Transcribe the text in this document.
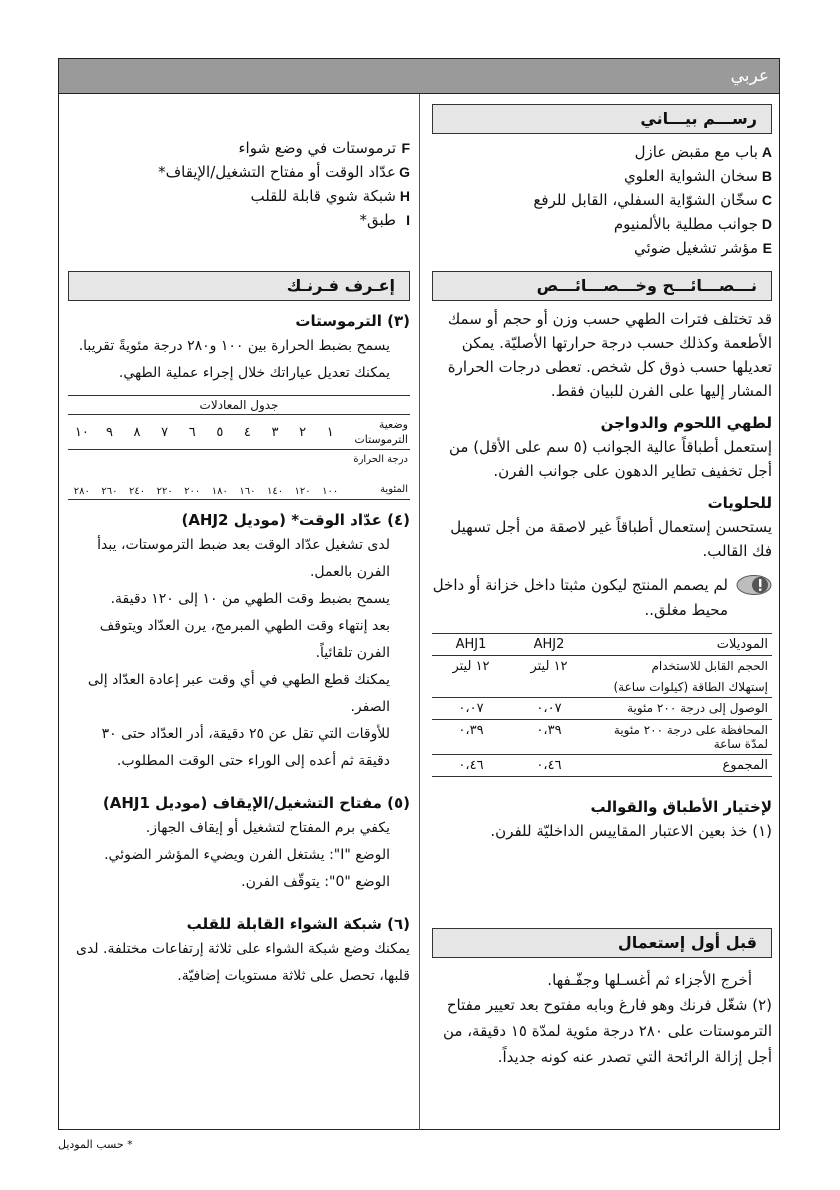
عربي
رســـم بيـــاني
A
باب مع مقبض عازل
B
سخان الشواية العلوي
C
سخّان الشوّاية السفلي، القابل للرفع
D
جوانب مطلية بالألمنيوم
E
مؤشر تشغيل ضوئي
F
ترموستات في وضع شواء
G
عدّاد الوقت أو مفتاح التشغيل/الإيقاف*
H
شبكة شوي قابلة للقلب
I
طبق*
نـــصـــائـــح وخـــصـــائـــص

قد تختلف فترات الطهي حسب وزن أو حجم أو سمك الأطعمة وكذلك حسب درجة حرارتها الأصليّة. يمكن تعديلها حسب ذوق كل شخص. تعطى درجات الحرارة المشار إليها على الفرن للبيان فقط.

لطهي اللحوم والدواجن

إستعمل أطباقاً عالية الجوانب (٥ سم على الأقل) من أجل تخفيف تطاير الدهون على جوانب الفرن.

للحلويات

يستحسن إستعمال أطباقاً غير لاصقة من أجل تسهيل فك القالب.

لم يصمم المنتج ليكون مثبتا داخل خزانة أو داخل محيط مغلق..
الموديلات	AHJ2	AHJ1
الحجم القابل للاستخدام	١٢ ليتر	١٢ ليتر
إستهلاك الطاقة (كيلوات ساعة)		
الوصول إلى درجة ٢٠٠ مئوية	٠،٠٧	٠،٠٧
المحافظة على درجة ٢٠٠ مئوية لمدّة ساعة	٠،٣٩	٠،٣٩
المجموع	٠،٤٦	٠،٤٦

لإختيار الأطباق والقوالب

(١) خذ بعين الاعتبار المقاييس الداخليّة للفرن.

قبل أول إستعمال

أخرج الأجزاء ثم أغسـلها وجفّـفها.

(٢) شغّل فرنك وهو فارغ وبابه مفتوح بعد تعيير مفتاح الترموستات على ٢٨٠ درجة مئوية لمدّة ١٥ دقيقة، من أجل إزالة الرائحة التي تصدر عنه كونه جديداً.

إعـرف فـرنـك

(٣) الترموستات

يسمح بضبط الحرارة بين ١٠٠ و٢٨٠ درجة مئويةً تقريبا.

يمكنك تعديل عياراتك خلال إجراء عملية الطهي.

جدول المعادلات										
وضعية الترموستات	١	٢	٣	٤	٥	٦	٧	٨	٩	١٠
درجة الحرارة

المئوية	١٠٠	١٢٠	١٤٠	١٦٠	١٨٠	٢٠٠	٢٢٠	٢٤٠	٢٦٠	٢٨٠

(٤) عدّاد الوقت* (موديل AHJ2)

لدى تشغيل عدّاد الوقت بعد ضبط الترموستات، يبدأ الفرن بالعمل.

يسمح بضبط وقت الطهي من ١٠ إلى ١٢٠ دقيقة.

بعد إنتهاء وقت الطهي المبرمج، يرن العدّاد ويتوقف الفرن تلقائياً.

يمكنك قطع الطهي في أي وقت عبر إعادة العدّاد إلى الصفر.

للأوقات التي تقل عن ٢٥ دقيقة، أدر العدّاد حتى ٣٠ دقيقة ثم أعده إلى الوراء حتى الوقت المطلوب.

(٥) مفتاح التشغيل/الإيقاف (موديل AHJ1)

يكفي برم المفتاح لتشغيل أو إيقاف الجهاز.

الوضع "I": يشتغل الفرن ويضيء المؤشر الضوئي.

الوضع "0": يتوقّف الفرن.

(٦) شبكة الشواء القابلة للقلب

يمكنك وضع شبكة الشواء على ثلاثة إرتفاعات مختلفة. لدى قلبها، تحصل على ثلاثة مستويات إضافيّة.

* حسب الموديل
